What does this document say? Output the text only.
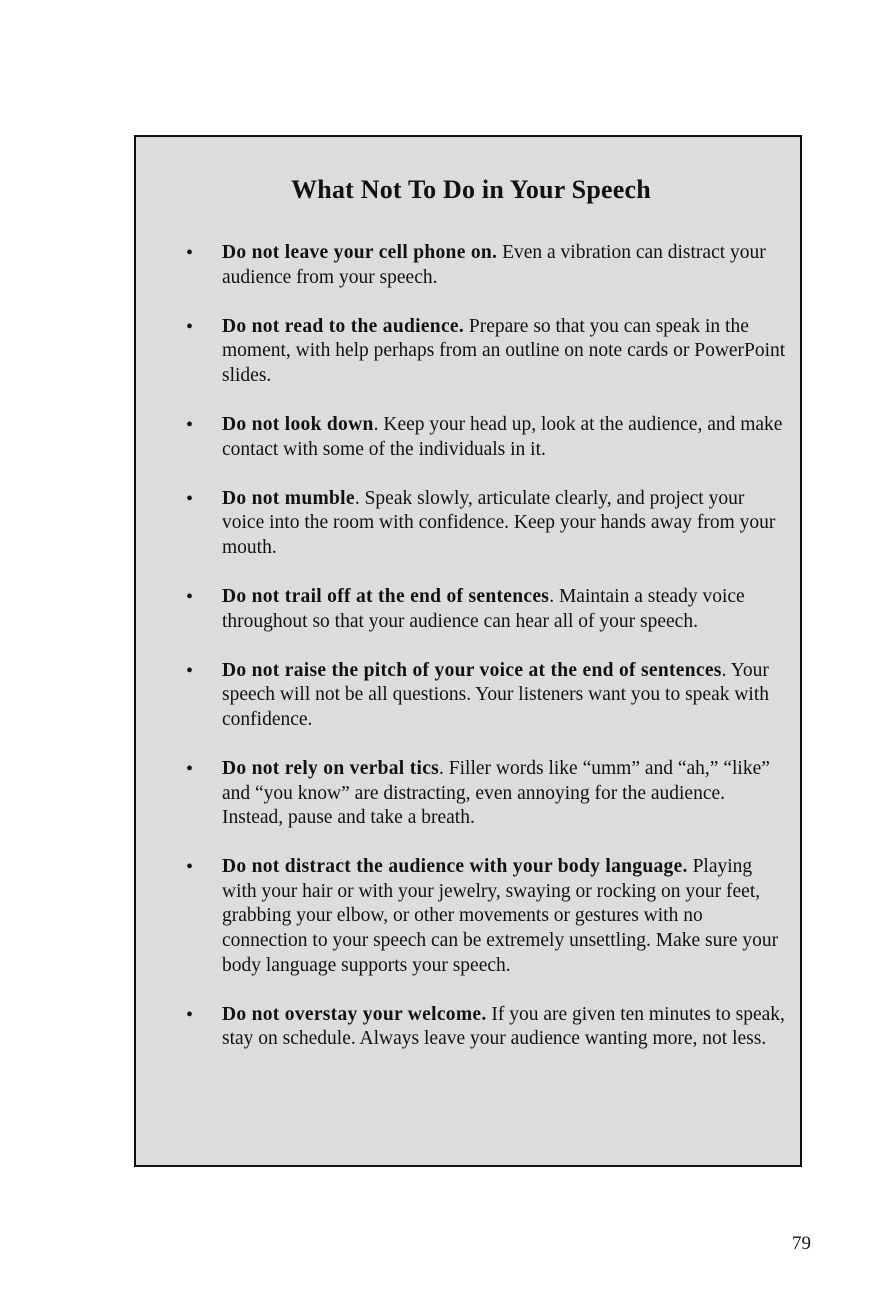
What Not To Do in Your Speech
• Do not leave your cell phone on. Even a vibration can distract your audience from your speech.
• Do not read to the audience. Prepare so that you can speak in the moment, with help perhaps from an outline on note cards or PowerPoint slides.
• Do not look down. Keep your head up, look at the audience, and make contact with some of the individuals in it.
• Do not mumble. Speak slowly, articulate clearly, and project your voice into the room with confidence. Keep your hands away from your mouth.
• Do not trail off at the end of sentences. Maintain a steady voice throughout so that your audience can hear all of your speech.
• Do not raise the pitch of your voice at the end of sentences. Your speech will not be all questions. Your listeners want you to speak with confidence.
• Do not rely on verbal tics. Filler words like “umm” and “ah,” “like” and “you know” are distracting, even annoying for the audience. Instead, pause and take a breath.
• Do not distract the audience with your body language. Playing with your hair or with your jewelry, swaying or rocking on your feet, grabbing your elbow, or other movements or gestures with no connection to your speech can be extremely unsettling. Make sure your body language supports your speech.
• Do not overstay your welcome. If you are given ten minutes to speak, stay on schedule. Always leave your audience wanting more, not less.
79
